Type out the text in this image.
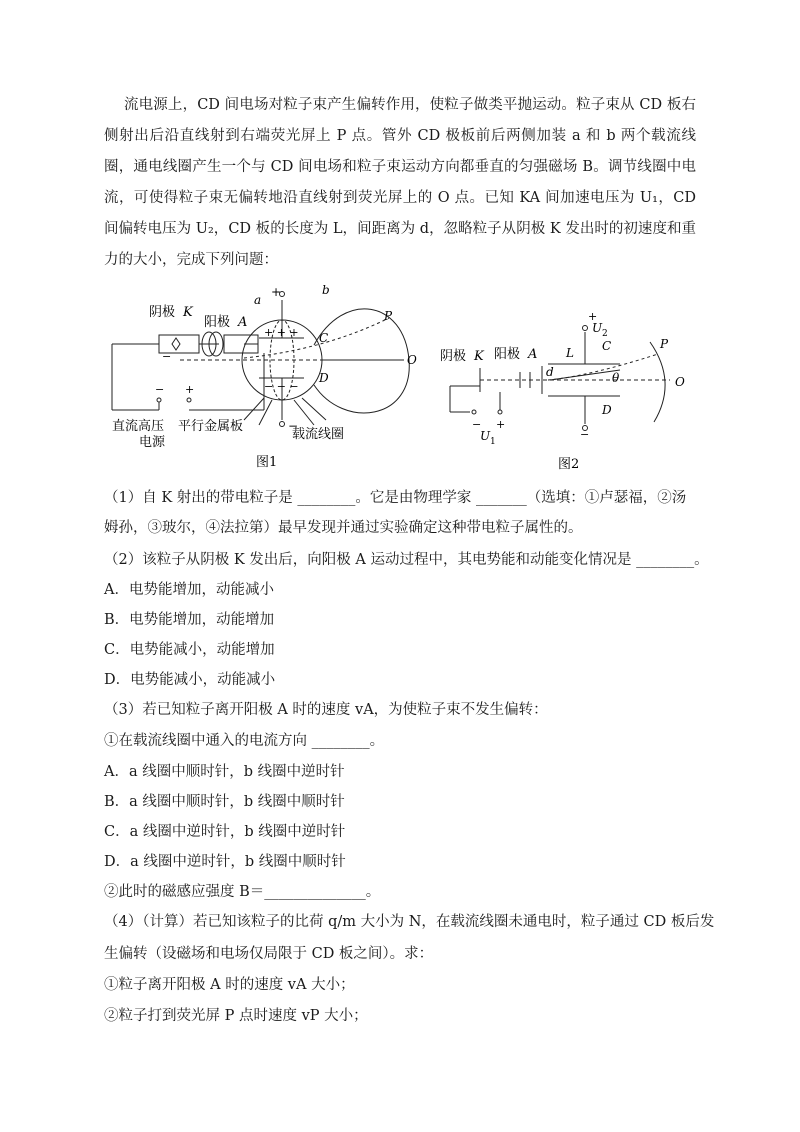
流电源上，CD 间电场对粒子束产生偏转作用，使粒子做类平抛运动。粒子束从 CD 板右侧射出后沿直线射到右端荧光屏上 P 点。管外 CD 极板前后两侧加装 a 和 b 两个载流线圈，通电线圈产生一个与 CD 间电场和粒子束运动方向都垂直的匀强磁场 B。调节线圈中电流，可使得粒子束无偏转地沿直线射到荧光屏上的 O 点。已知 KA 间加速电压为 U₁，CD 间偏转电压为 U₂，CD 板的长度为 L，间距离为 d，忽略粒子从阴极 K 发出时的初速度和重力的大小，完成下列问题：
阴极 K
阳极 A
a
b
C
D
P
O
+
−
+ + +
− − −
−
− +
直流高压
电源
平行金属板
载流线圈
图1
阴极 K 阳极 A
U 2
+
L C
d	θ
D
P
O
U 1
− +
−
图2
（1）自 K 射出的带电粒子是 ________。它是由物理学家 _______（选填：①卢瑟福，②汤
姆孙，③玻尔，④法拉第）最早发现并通过实验确定这种带电粒子属性的。
（2）该粒子从阴极 K 发出后，向阳极 A 运动过程中，其电势能和动能变化情况是 ________。
A．电势能增加，动能减小
B．电势能增加，动能增加
C．电势能减小，动能增加
D．电势能减小，动能减小
（3）若已知粒子离开阳极 A 时的速度 vA，为使粒子束不发生偏转：
①在载流线圈中通入的电流方向 ________。
A．a 线圈中顺时针，b 线圈中逆时针
B．a 线圈中顺时针，b 线圈中顺时针
C．a 线圈中逆时针，b 线圈中逆时针
D．a 线圈中逆时针，b 线圈中顺时针
②此时的磁感应强度 B＝______________。
（4）（计算）若已知该粒子的比荷 q/m 大小为 N，在载流线圈未通电时，粒子通过 CD 板后发
生偏转（设磁场和电场仅局限于 CD 板之间）。求：
①粒子离开阳极 A 时的速度 vA 大小；
②粒子打到荧光屏 P 点时速度 vP 大小；
